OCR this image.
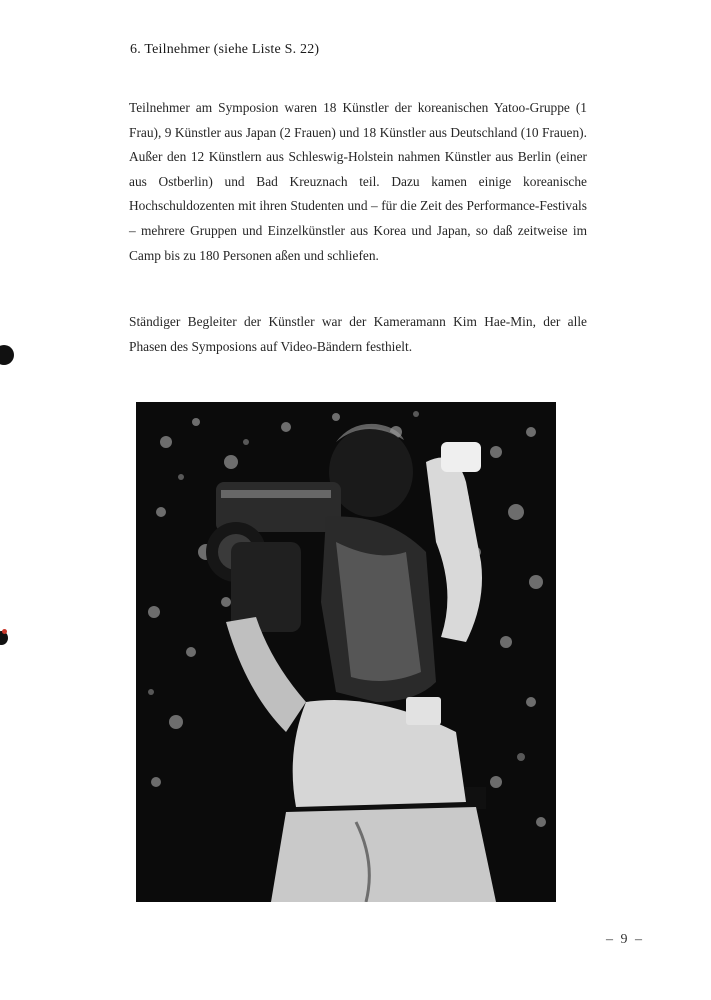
6. Teilnehmer (siehe Liste S. 22)

Teilnehmer am Symposion waren 18 Künstler der koreanischen Yatoo-Gruppe (1 Frau), 9 Künstler aus Japan (2 Frauen) und 18 Künstler aus Deutschland (10 Frauen). Außer den 12 Künstlern aus Schleswig-Holstein nahmen Künstler aus Berlin (einer aus Ostberlin) und Bad Kreuznach teil. Dazu kamen einige koreanische Hochschuldozenten mit ihren Studenten und – für die Zeit des Performance-Festivals – mehrere Gruppen und Einzelkünstler aus Korea und Japan, so daß zeitweise im Camp bis zu 180 Personen aßen und schliefen.

Ständiger Begleiter der Künstler war der Kameramann Kim Hae-Min, der alle Phasen des Symposions auf Video-Bändern festhielt.

– 9 –
